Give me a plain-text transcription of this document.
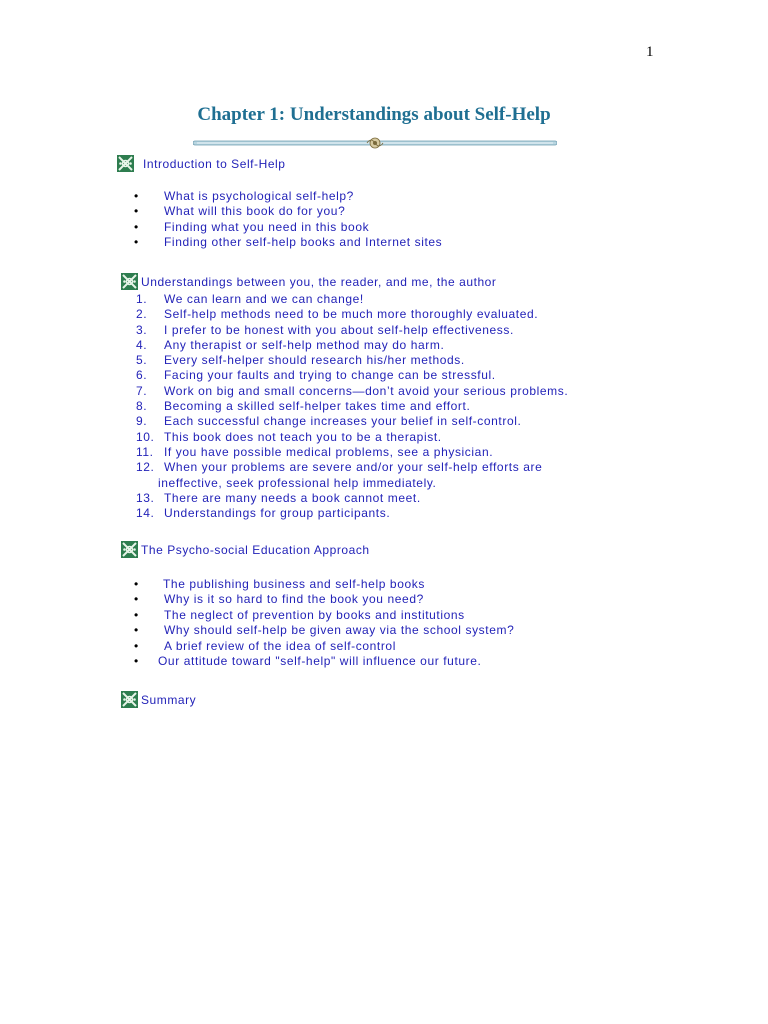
1
Chapter 1: Understandings about Self-Help
Introduction to Self-Help
• What is psychological self-help?
• What will this book do for you?
• Finding what you need in this book
• Finding other self-help books and Internet sites
Understandings between you, the reader, and me, the author
1.	We can learn and we can change!
2.	Self-help methods need to be much more thoroughly evaluated.
3.	I prefer to be honest with you about self-help effectiveness.
4.	Any therapist or self-help method may do harm.
5.	Every self-helper should research his/her methods.
6.	Facing your faults and trying to change can be stressful.
7.	Work on big and small concerns—don’t avoid your serious problems.
8.	Becoming a skilled self-helper takes time and effort.
9.	Each successful change increases your belief in self-control.
10. This book does not teach you to be a therapist.
11. If you have possible medical problems, see a physician.
12. When your problems are severe and/or your self-help efforts are
ineffective, seek professional help immediately.
13. There are many needs a book cannot meet.
14. Understandings for group participants.
The Psycho-social Education Approach
• The publishing business and self-help books
• Why is it so hard to find the book you need?
• The neglect of prevention by books and institutions
• Why should self-help be given away via the school system?
• A brief review of the idea of self-control
• Our attitude toward "self-help" will influence our future.
Summary
